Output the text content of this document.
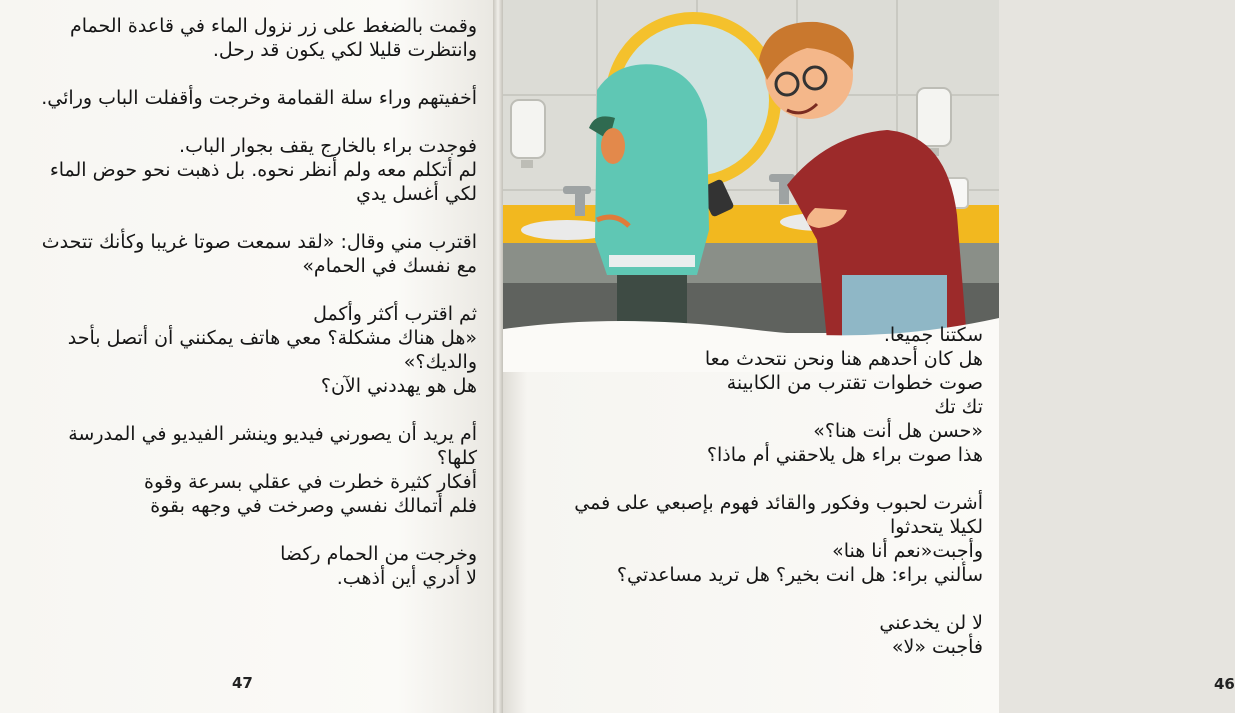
وقمت بالضغط على زر نزول الماء في قاعدة الحمام
وانتظرت قليلا لكي يكون قد رحل.
أخفيتهم وراء سلة القمامة وخرجت وأقفلت الباب ورائي.
فوجدت براء بالخارج يقف بجوار الباب.
لم أتكلم معه ولم أنظر نحوه. بل ذهبت نحو حوض الماء
لكي أغسل يدي
اقترب مني وقال: «لقد سمعت صوتا غريبا وكأنك تتحدث
مع نفسك في الحمام»
ثم اقترب أكثر وأكمل
«هل هناك مشكلة؟ معي هاتف يمكنني أن أتصل بأحد
والديك؟»
هل هو يهددني الآن؟
أم يريد أن يصورني فيديو وينشر الفيديو في المدرسة
كلها؟
أفكار كثيرة خطرت في عقلي بسرعة وقوة
فلم أتمالك نفسي وصرخت في وجهه بقوة
وخرجت من الحمام ركضا
لا أدري أين أذهب.
47
سكتنا جميعا.
هل كان أحدهم هنا ونحن نتحدث معا
صوت خطوات تقترب من الكابينة
تك تك
«حسن هل أنت هنا؟»
هذا صوت براء هل يلاحقني أم ماذا؟
أشرت لحبوب وفكور والقائد فهوم بإصبعي على فمي
لكيلا يتحدثوا
وأجبت«نعم أنا هنا»
سألني براء: هل انت بخير؟ هل تريد مساعدتي؟
لا لن يخدعني
فأجبت «لا»
46
